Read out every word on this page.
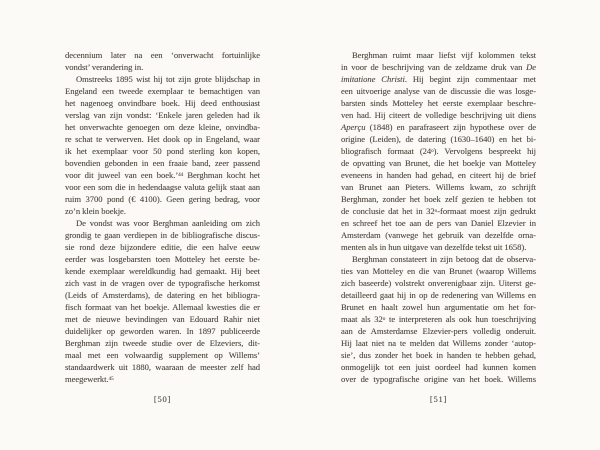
decennium later na een ‘onverwacht fortuinlijke
vondst’ verandering in.
Omstreeks 1895 wist hij tot zijn grote blijdschap in
Engeland een tweede exemplaar te bemachtigen van
het nagenoeg onvindbare boek. Hij deed enthousiast
verslag van zijn vondst: ‘Enkele jaren geleden had ik
het onverwachte genoegen om deze kleine, onvindba-
re schat te verwerven. Het dook op in Engeland, waar
ik het exemplaar voor 50 pond sterling kon kopen,
bovendien gebonden in een fraaie band, zeer passend
voor dit juweel van een boek.’$^{44}$ Berghman kocht het
voor een som die in hedendaagse valuta gelijk staat aan
ruim 3700 pond (€ 4100). Geen gering bedrag, voor
zo’n klein boekje.
De vondst was voor Berghman aanleiding om zich
grondig te gaan verdiepen in de bibliografische discus-
sie rond deze bijzondere editie, die een halve eeuw
eerder was losgebarsten toen Motteley het eerste be-
kende exemplaar wereldkundig had gemaakt. Hij beet
zich vast in de vragen over de typografische herkomst
(Leids of Amsterdams), de datering en het bibliogra-
fisch formaat van het boekje. Allemaal kwesties die er
met de nieuwe bevindingen van Edouard Rahir niet
duidelijker op geworden waren. In 1897 publiceerde
Berghman zijn tweede studie over de Elzeviers, dit-
maal met een volwaardig supplement op Willems’
standaardwerk uit 1880, waaraan de meester zelf had
meegewerkt.$^{45}$
[50]
Berghman ruimt maar liefst vijf kolommen tekst
in voor de beschrijving van de zeldzame druk van De
imitatione Christi. Hij begint zijn commentaar met
een uitvoerige analyse van de discussie die was losge-
barsten sinds Motteley het eerste exemplaar beschre-
ven had. Hij citeert de volledige beschrijving uit diens
Aperçu (1848) en parafraseert zijn hypothese over de
origine (Leiden), de datering (1630–1640) en het bi-
bliografisch formaat (24$^o$). Vervolgens bespreekt hij
de opvatting van Brunet, die het boekje van Motteley
eveneens in handen had gehad, en citeert hij de brief
van Brunet aan Pieters. Willems kwam, zo schrijft
Berghman, zonder het boek zelf gezien te hebben tot
de conclusie dat het in 32$^o$-formaat moest zijn gedrukt
en schreef het toe aan de pers van Daniel Elzevier in
Amsterdam (vanwege het gebruik van dezelfde orna-
menten als in hun uitgave van dezelfde tekst uit 1658).
Berghman constateert in zijn betoog dat de observa-
ties van Motteley en die van Brunet (waarop Willems
zich baseerde) volstrekt onverenigbaar zijn. Uiterst ge-
detailleerd gaat hij in op de redenering van Willems en
Brunet en haalt zowel hun argumentatie om het for-
maat als 32$^o$ te interpreteren als ook hun toeschrijving
aan de Amsterdamse Elzevier-pers volledig onderuit.
Hij laat niet na te melden dat Willems zonder ‘autop-
sie’, dus zonder het boek in handen te hebben gehad,
onmogelijk tot een juist oordeel had kunnen komen
over de typografische origine van het boek. Willems
[51]
